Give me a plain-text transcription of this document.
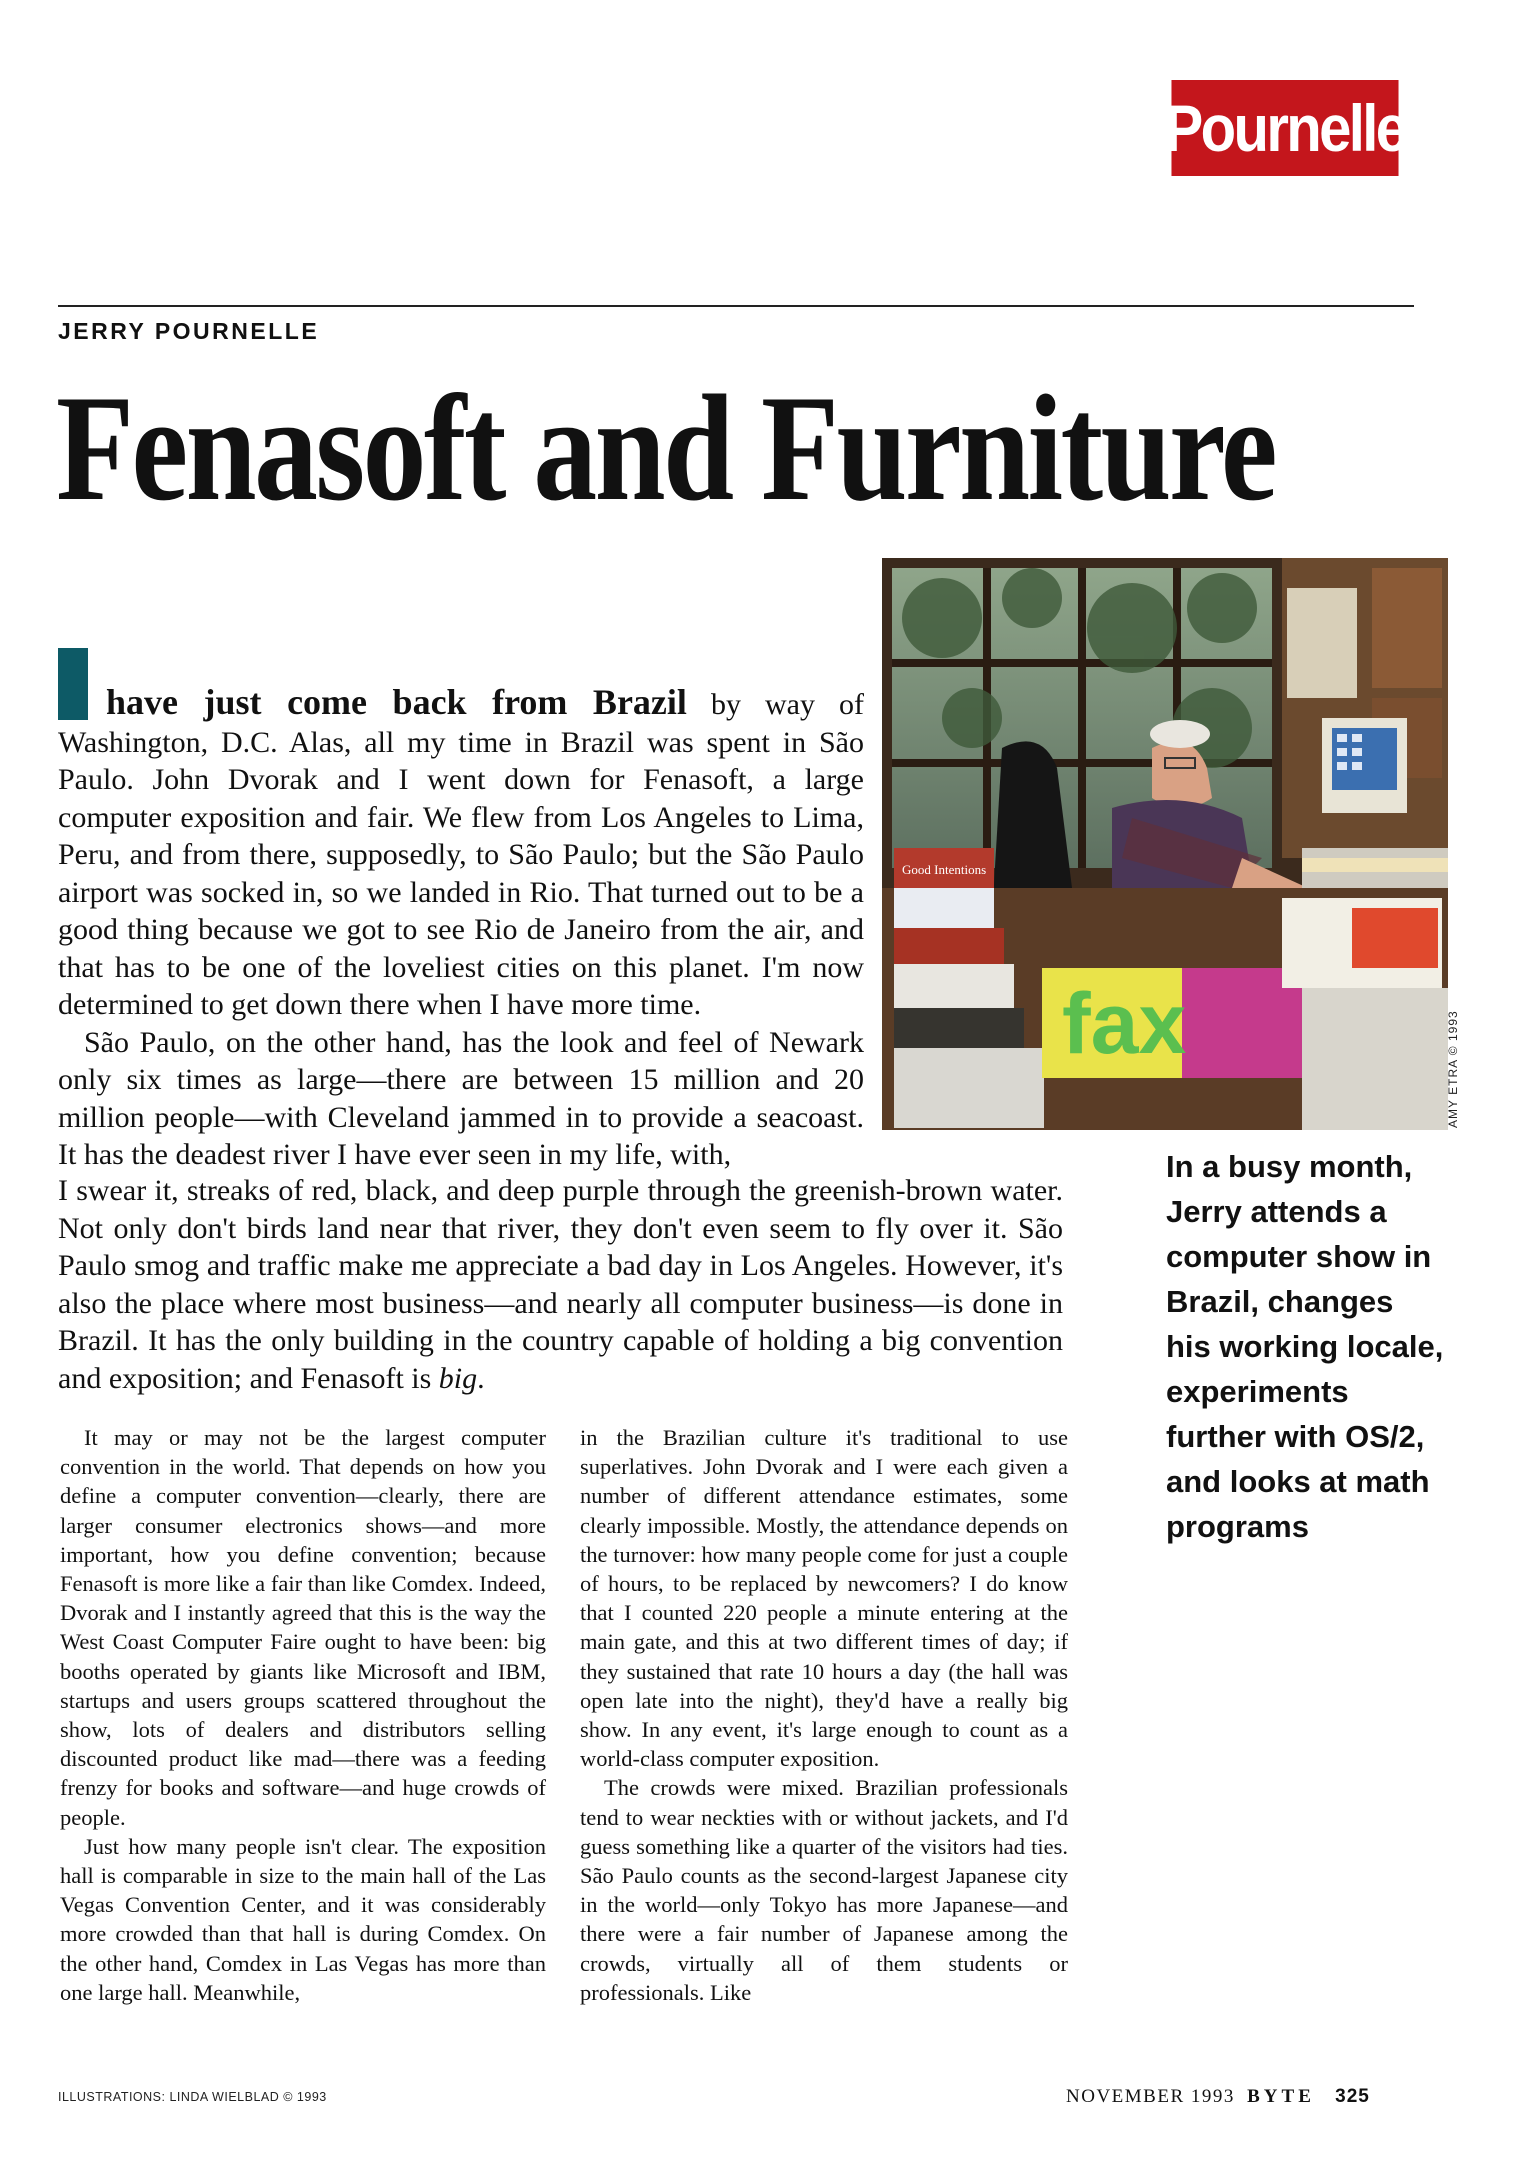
Pournelle
JERRY POURNELLE
Fenasoft and Furniture

have just come back from Brazil by way of Washington, D.C. Alas, all my time in Brazil was spent in São Paulo. John Dvorak and I went down for Fenasoft, a large computer exposition and fair. We flew from Los Angeles to Lima, Peru, and from there, supposedly, to São Paulo; but the São Paulo airport was socked in, so we landed in Rio. That turned out to be a good thing because we got to see Rio de Janeiro from the air, and that has to be one of the loveliest cities on this planet. I'm now determined to get down there when I have more time.

São Paulo, on the other hand, has the look and feel of Newark only six times as large—there are between 15 million and 20 million people—with Cleveland jammed in to provide a seacoast. It has the deadest river I have ever seen in my life, with,

I swear it, streaks of red, black, and deep purple through the greenish-brown water. Not only don't birds land near that river, they don't even seem to fly over it. São Paulo smog and traffic make me appreciate a bad day in Los Angeles. However, it's also the place where most business—and nearly all computer business—is done in Brazil. It has the only building in the country capable of holding a big convention and exposition; and Fenasoft is big.

Good Intentions
fax	AMY ETRA © 1993
In a busy month, Jerry attends a computer show in Brazil, changes his working locale, experiments further with OS/2, and looks at math programs

It may or may not be the largest computer convention in the world. That depends on how you define a computer convention—clearly, there are larger consumer electronics shows—and more important, how you define convention; because Fenasoft is more like a fair than like Comdex. Indeed, Dvorak and I instantly agreed that this is the way the West Coast Computer Faire ought to have been: big booths operated by giants like Microsoft and IBM, startups and users groups scattered throughout the show, lots of dealers and distributors selling discounted product like mad—there was a feeding frenzy for books and software—and huge crowds of people.

Just how many people isn't clear. The exposition hall is comparable in size to the main hall of the Las Vegas Convention Center, and it was considerably more crowded than that hall is during Comdex. On the other hand, Comdex in Las Vegas has more than one large hall. Meanwhile,

in the Brazilian culture it's traditional to use superlatives. John Dvorak and I were each given a number of different attendance estimates, some clearly impossible. Mostly, the attendance depends on the turnover: how many people come for just a couple of hours, to be replaced by newcomers? I do know that I counted 220 people a minute entering at the main gate, and this at two different times of day; if they sustained that rate 10 hours a day (the hall was open late into the night), they'd have a really big show. In any event, it's large enough to count as a world-class computer exposition.

The crowds were mixed. Brazilian professionals tend to wear neckties with or without jackets, and I'd guess something like a quarter of the visitors had ties. São Paulo counts as the second-largest Japanese city in the world—only Tokyo has more Japanese—and there were a fair number of Japanese among the crowds, virtually all of them students or professionals. Like

ILLUSTRATIONS: LINDA WIELBLAD © 1993	NOVEMBER 1993 BYTE 325
